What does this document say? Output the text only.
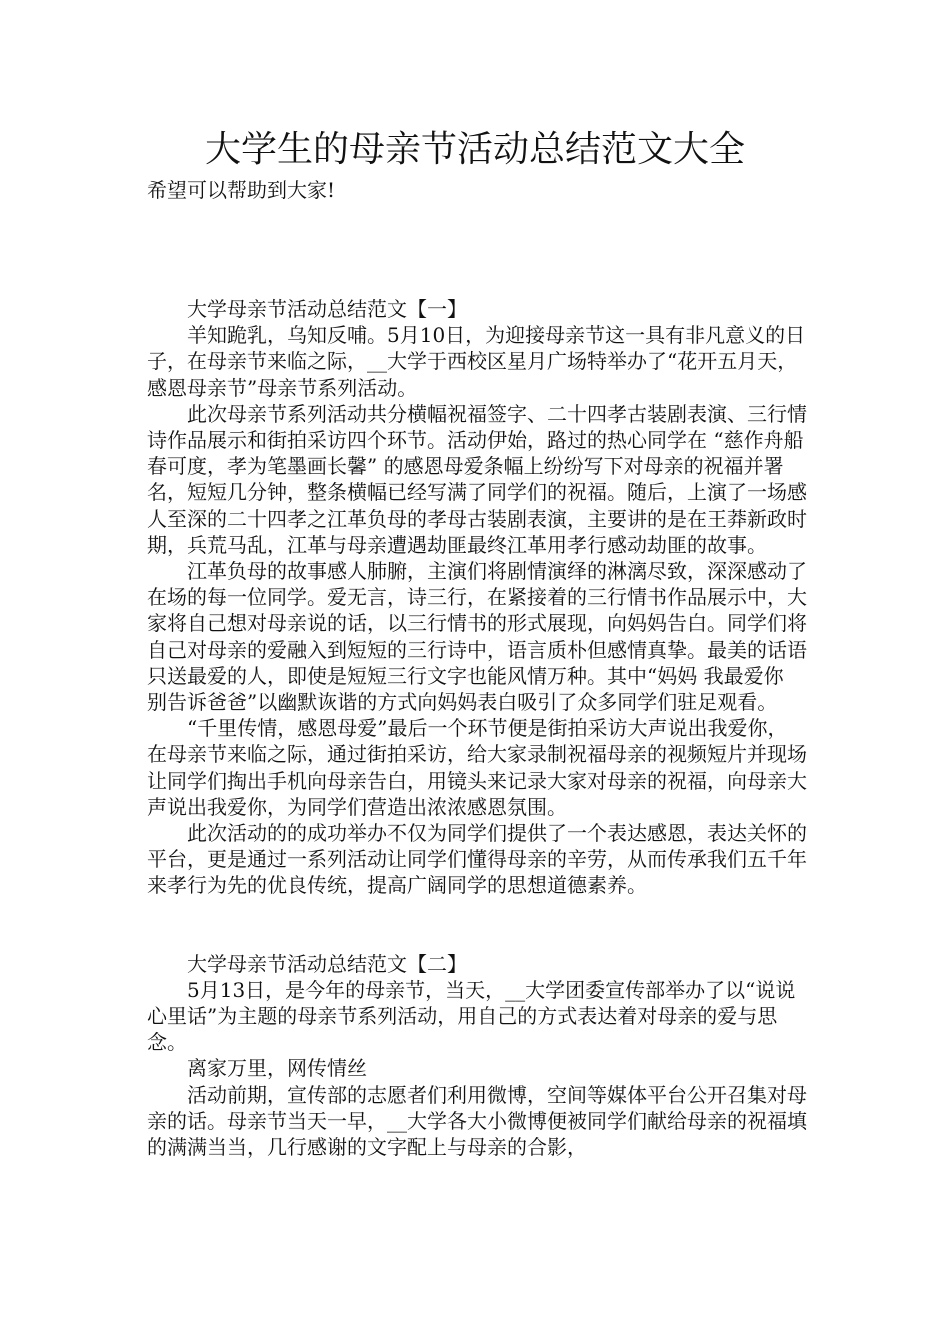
大学生的母亲节活动总结范文大全

希望可以帮助到大家!

大学母亲节活动总结范文【一】

羊知跪乳，乌知反哺。5月10日，为迎接母亲节这一具有非凡意义的日子，在母亲节来临之际，__大学于西校区星月广场特举办了“花开五月天，感恩母亲节”母亲节系列活动。

此次母亲节系列活动共分横幅祝福签字、二十四孝古装剧表演、三行情诗作品展示和街拍采访四个环节。活动伊始，路过的热心同学在 “慈作舟船春可度，孝为笔墨画长馨” 的感恩母爱条幅上纷纷写下对母亲的祝福并署名，短短几分钟，整条横幅已经写满了同学们的祝福。随后，上演了一场感人至深的二十四孝之江革负母的孝母古装剧表演，主要讲的是在王莽新政时期，兵荒马乱，江革与母亲遭遇劫匪最终江革用孝行感动劫匪的故事。

江革负母的故事感人肺腑，主演们将剧情演绎的淋漓尽致，深深感动了在场的每一位同学。爱无言，诗三行，在紧接着的三行情书作品展示中，大家将自己想对母亲说的话，以三行情书的形式展现，向妈妈告白。同学们将自己对母亲的爱融入到短短的三行诗中，语言质朴但感情真挚。最美的话语只送最爱的人，即使是短短三行文字也能风情万种。其中“妈妈 我最爱你 别告诉爸爸”以幽默诙谐的方式向妈妈表白吸引了众多同学们驻足观看。

“千里传情，感恩母爱”最后一个环节便是街拍采访大声说出我爱你，在母亲节来临之际，通过街拍采访，给大家录制祝福母亲的视频短片并现场让同学们掏出手机向母亲告白，用镜头来记录大家对母亲的祝福，向母亲大声说出我爱你，为同学们营造出浓浓感恩氛围。

此次活动的的成功举办不仅为同学们提供了一个表达感恩，表达关怀的平台，更是通过一系列活动让同学们懂得母亲的辛劳，从而传承我们五千年来孝行为先的优良传统，提高广阔同学的思想道德素养。

大学母亲节活动总结范文【二】

5月13日，是今年的母亲节，当天，__大学团委宣传部举办了以“说说心里话”为主题的母亲节系列活动，用自己的方式表达着对母亲的爱与思念。

离家万里，网传情丝

活动前期，宣传部的志愿者们利用微博，空间等媒体平台公开召集对母亲的话。母亲节当天一早，__大学各大小微博便被同学们献给母亲的祝福填的满满当当，几行感谢的文字配上与母亲的合影，
